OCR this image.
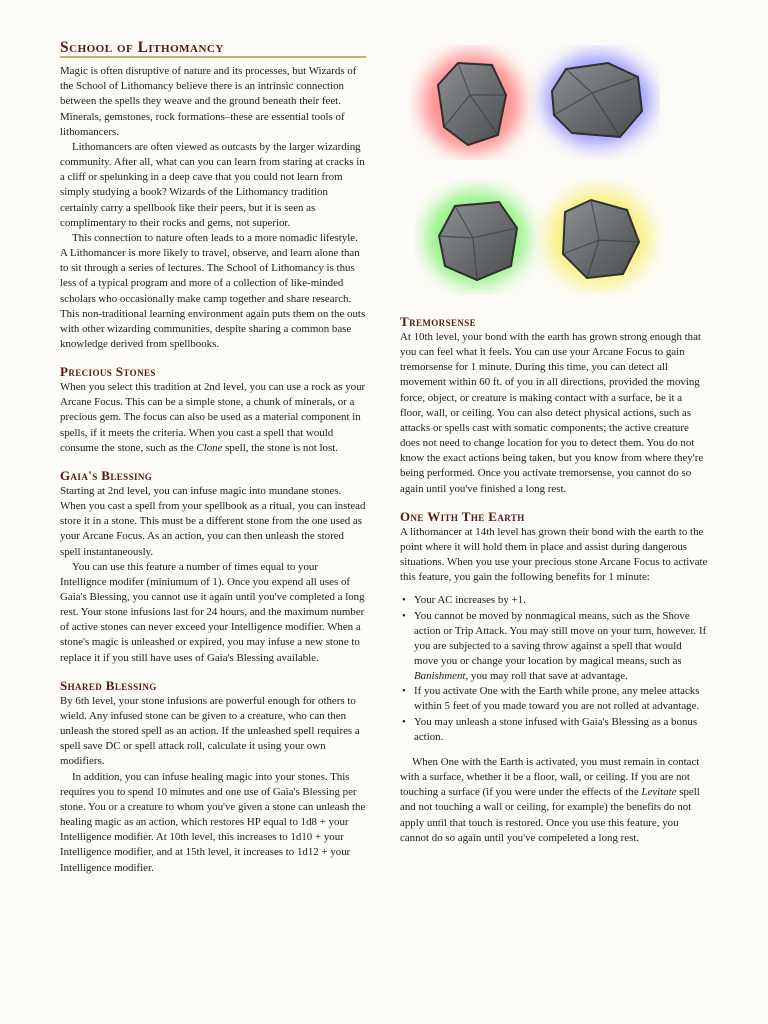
School of Lithomancy

Magic is often disruptive of nature and its processes, but Wizards of the School of Lithomancy believe there is an intrinsic connection between the spells they weave and the ground beneath their feet. Minerals, gemstones, rock formations–these are essential tools of lithomancers.

Lithomancers are often viewed as outcasts by the larger wizarding community. After all, what can you can learn from staring at cracks in a cliff or spelunking in a deep cave that you could not learn from simply studying a book? Wizards of the Lithomancy tradition certainly carry a spellbook like their peers, but it is seen as complimentary to their rocks and gems, not superior.

This connection to nature often leads to a more nomadic lifestyle. A Lithomancer is more likely to travel, observe, and learn alone than to sit through a series of lectures. The School of Lithomancy is thus less of a typical program and more of a collection of like-minded scholars who occasionally make camp together and share research. This non-traditional learning environment again puts them on the outs with other wizarding communities, despite sharing a common base knowledge derived from spellbooks.

Precious Stones

When you select this tradition at 2nd level, you can use a rock as your Arcane Focus. This can be a simple stone, a chunk of minerals, or a precious gem. The focus can also be used as a material component in spells, if it meets the criteria. When you cast a spell that would consume the stone, such as the Clone spell, the stone is not lost.

Gaia's Blessing

Starting at 2nd level, you can infuse magic into mundane stones. When you cast a spell from your spellbook as a ritual, you can instead store it in a stone. This must be a different stone from the one used as your Arcane Focus. As an action, you can then unleash the stored spell instantaneously.

You can use this feature a number of times equal to your Intellignce modifer (miniumum of 1). Once you expend all uses of Gaia's Blessing, you cannot use it again until you've completed a long rest. Your stone infusions last for 24 hours, and the maximum number of active stones can never exceed your Intelligence modifier. When a stone's magic is unleashed or expired, you may infuse a new stone to replace it if you still have uses of Gaia's Blessing available.

Shared Blessing

By 6th level, your stone infusions are powerful enough for others to wield. Any infused stone can be given to a creature, who can then unleash the stored spell as an action. If the unleashed spell requires a spell save DC or spell attack roll, calculate it using your own modifiers.

In addition, you can infuse healing magic into your stones. This requires you to spend 10 minutes and one use of Gaia's Blessing per stone. You or a creature to whom you've given a stone can unleash the healing magic as an action, which restores HP equal to 1d8 + your Intelligence modifier. At 10th level, this increases to 1d10 + your Intelligence modifier, and at 15th level, it increases to 1d12 + your Intelligence modifier.

Tremorsense

At 10th level, your bond with the earth has grown strong enough that you can feel what it feels. You can use your Arcane Focus to gain tremorsense for 1 minute. During this time, you can detect all movement within 60 ft. of you in all directions, provided the moving force, object, or creature is making contact with a surface, be it a floor, wall, or ceiling. You can also detect physical actions, such as attacks or spells cast with somatic components; the active creature does not need to change location for you to detect them. You do not know the exact actions being taken, but you know from where they're being performed. Once you activate tremorsense, you cannot do so again until you've finished a long rest.

One With The Earth

A lithomancer at 14th level has grown their bond with the earth to the point where it will hold them in place and assist during dangerous situations. When you use your precious stone Arcane Focus to activate this feature, you gain the following benefits for 1 minute:

• Your AC increases by +1.
• You cannot be moved by nonmagical means, such as the Shove action or Trip Attack. You may still move on your turn, however. If you are subjected to a saving throw against a spell that would move you or change your location by magical means, such as Banishment, you may roll that save at advantage.
• If you activate One with the Earth while prone, any melee attacks within 5 feet of you made toward you are not rolled at advantage.
• You may unleash a stone infused with Gaia's Blessing as a bonus action.

When One with the Earth is activated, you must remain in contact with a surface, whether it be a floor, wall, or ceiling. If you are not touching a surface (if you were under the effects of the Levitate spell and not touching a wall or ceiling, for example) the benefits do not apply until that touch is restored. Once you use this feature, you cannot do so again until you've compeleted a long rest.
